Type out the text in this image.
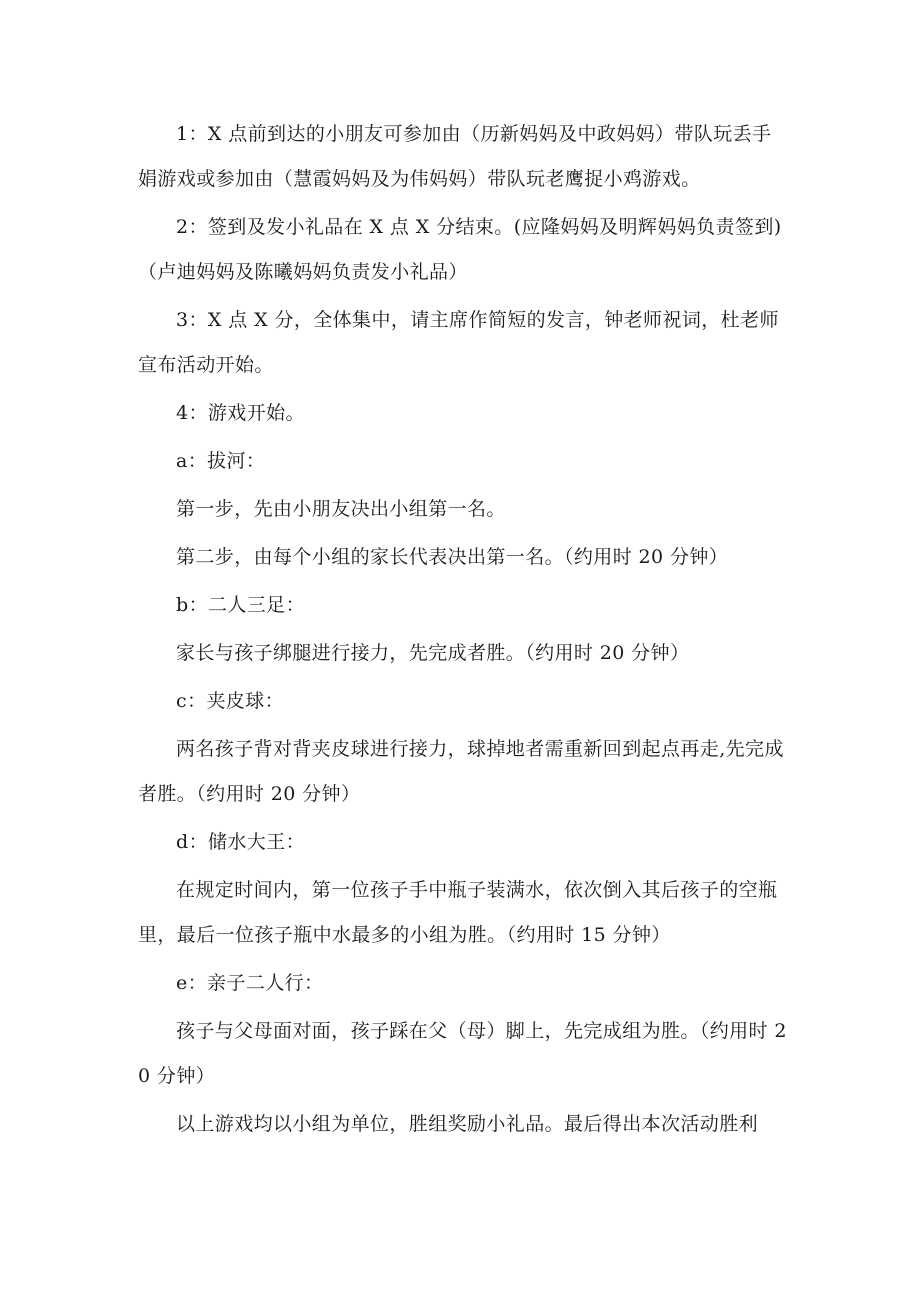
1：X 点前到达的小朋友可参加由（历新妈妈及中政妈妈）带队玩丢手娟游戏或参加由（慧霞妈妈及为伟妈妈）带队玩老鹰捉小鸡游戏。

2：签到及发小礼品在 X 点 X 分结束。(应隆妈妈及明辉妈妈负责签到)（卢迪妈妈及陈曦妈妈负责发小礼品）

3：X 点 X 分，全体集中，请主席作简短的发言，钟老师祝词，杜老师宣布活动开始。

4：游戏开始。

a：拔河：

第一步，先由小朋友决出小组第一名。

第二步，由每个小组的家长代表决出第一名。（约用时 20 分钟）

b：二人三足：

家长与孩子绑腿进行接力，先完成者胜。（约用时 20 分钟）

c：夹皮球：

两名孩子背对背夹皮球进行接力，球掉地者需重新回到起点再走,先完成者胜。（约用时 20 分钟）

d：储水大王：

在规定时间内，第一位孩子手中瓶子装满水，依次倒入其后孩子的空瓶里，最后一位孩子瓶中水最多的小组为胜。（约用时 15 分钟）

e：亲子二人行：

孩子与父母面对面，孩子踩在父（母）脚上，先完成组为胜。（约用时 20 分钟）

以上游戏均以小组为单位，胜组奖励小礼品。最后得出本次活动胜利
